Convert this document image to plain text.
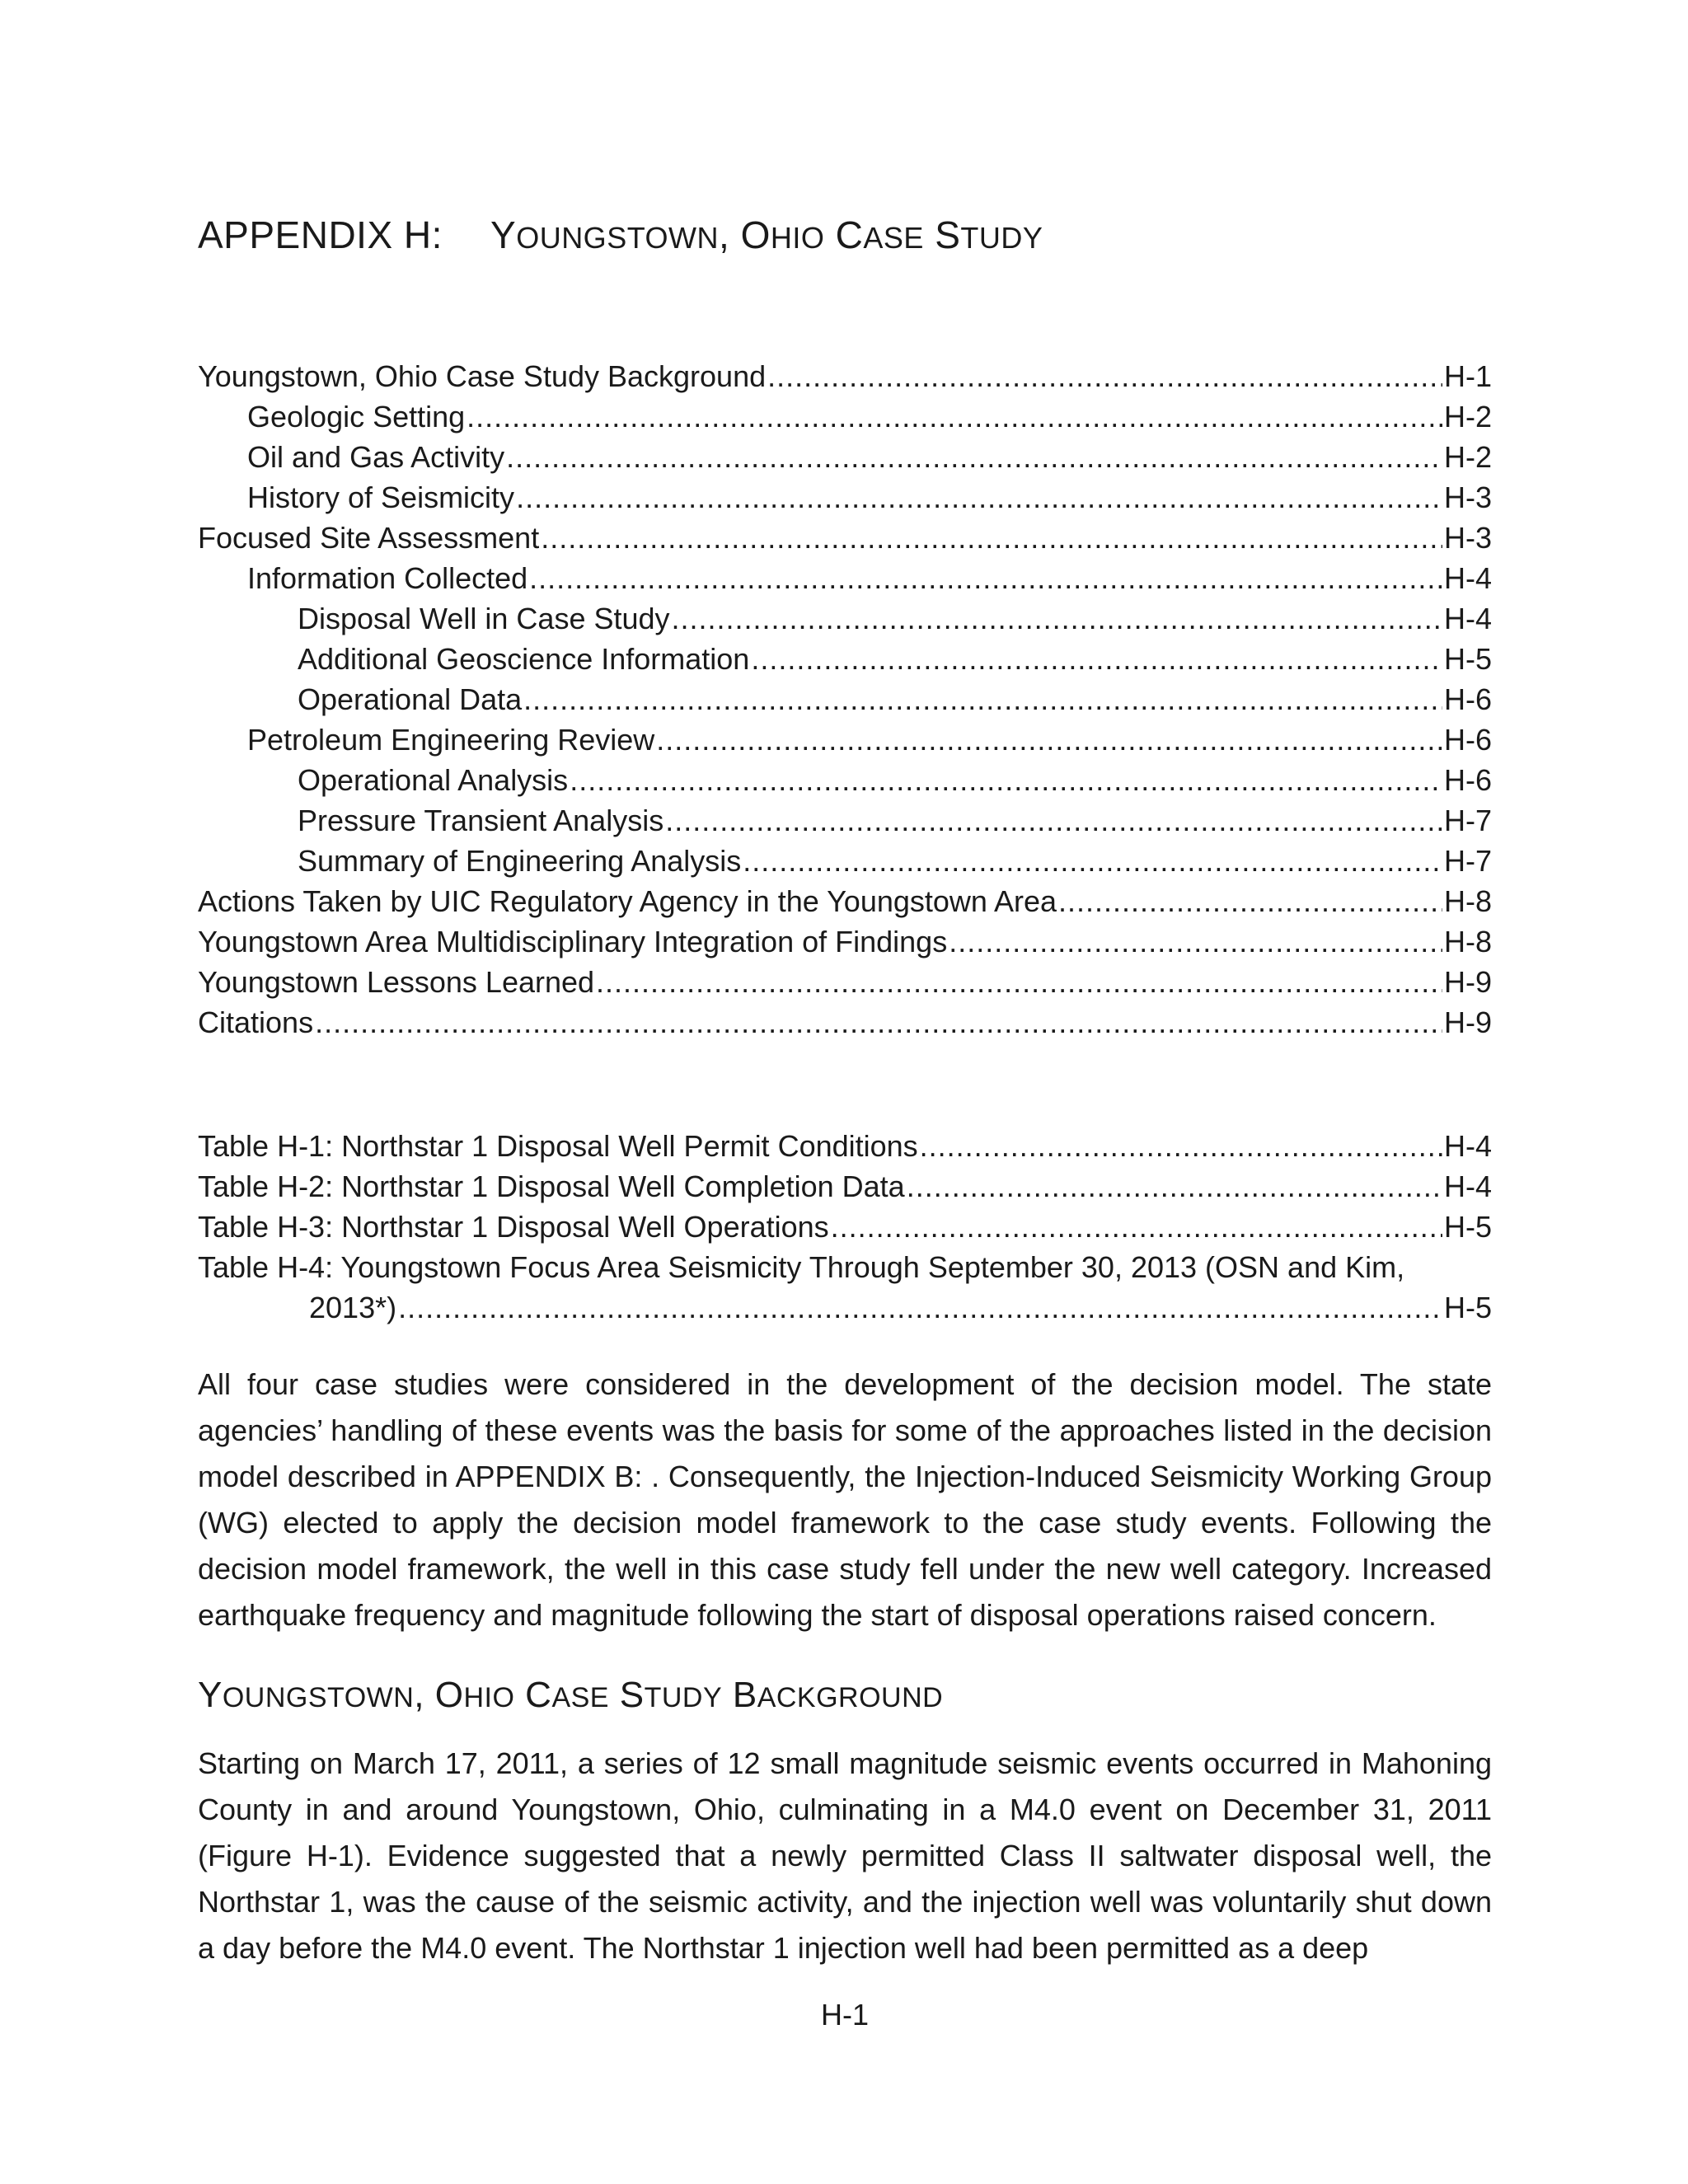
APPENDIX H: YOUNGSTOWN, OHIO CASE STUDY
Youngstown, Ohio Case Study Background .....	H-1
Geologic Setting .....	H-2
Oil and Gas Activity .....	H-2
History of Seismicity .....	H-3
Focused Site Assessment .....	H-3
Information Collected .....	H-4
Disposal Well in Case Study .....	H-4
Additional Geoscience Information .....	H-5
Operational Data .....	H-6
Petroleum Engineering Review .....	H-6
Operational Analysis .....	H-6
Pressure Transient Analysis .....	H-7
Summary of Engineering Analysis .....	H-7
Actions Taken by UIC Regulatory Agency in the Youngstown Area .....	H-8
Youngstown Area Multidisciplinary Integration of Findings .....	H-8
Youngstown Lessons Learned .....	H-9
Citations .....	H-9
Table H-1: Northstar 1 Disposal Well Permit Conditions .....	H-4
Table H-2: Northstar 1 Disposal Well Completion Data .....	H-4
Table H-3: Northstar 1 Disposal Well Operations .....	H-5
Table H-4: Youngstown Focus Area Seismicity Through September 30, 2013 (OSN and Kim,
2013*) .....	H-5

All four case studies were considered in the development of the decision model. The state agencies’ handling of these events was the basis for some of the approaches listed in the decision model described in APPENDIX B: . Consequently, the Injection-Induced Seismicity Working Group (WG) elected to apply the decision model framework to the case study events. Following the decision model framework, the well in this case study fell under the new well category. Increased earthquake frequency and magnitude following the start of disposal operations raised concern.

YOUNGSTOWN, OHIO CASE STUDY BACKGROUND

Starting on March 17, 2011, a series of 12 small magnitude seismic events occurred in Mahoning County in and around Youngstown, Ohio, culminating in a M4.0 event on December 31, 2011 (Figure H-1). Evidence suggested that a newly permitted Class II saltwater disposal well, the Northstar 1, was the cause of the seismic activity, and the injection well was voluntarily shut down a day before the M4.0 event. The Northstar 1 injection well had been permitted as a deep

H-1
